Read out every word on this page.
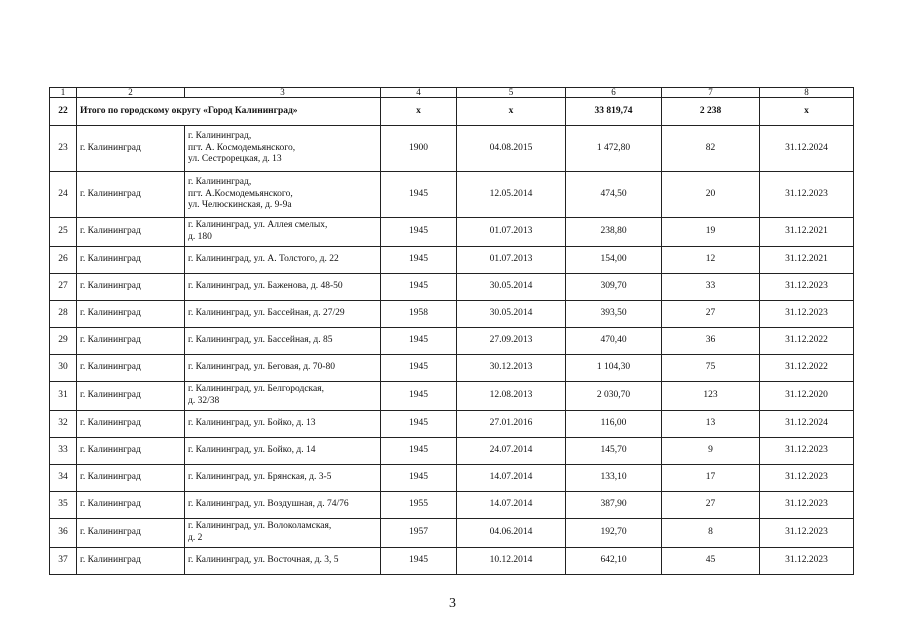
1	2	3	4	5	6	7	8
22	Итого по городскому округу «Город Калининград»		х	х	33 819,74	2 238	х
23	г. Калининград	г. Калининград,
пгт. А. Космодемьянского,
ул. Сестрорецкая, д. 13	1900	04.08.2015	1 472,80	82	31.12.2024
24	г. Калининград	г. Калининград,
пгт. А.Космодемьянского,
ул. Челюскинская, д. 9-9а	1945	12.05.2014	474,50	20	31.12.2023
25	г. Калининград	г. Калининград, ул. Аллея смелых,
д. 180	1945	01.07.2013	238,80	19	31.12.2021
26	г. Калининград	г. Калининград, ул. А. Толстого, д. 22	1945	01.07.2013	154,00	12	31.12.2021
27	г. Калининград	г. Калининград, ул. Баженова, д. 48-50	1945	30.05.2014	309,70	33	31.12.2023
28	г. Калининград	г. Калининград, ул. Бассейная, д. 27/29	1958	30.05.2014	393,50	27	31.12.2023
29	г. Калининград	г. Калининград, ул. Бассейная, д. 85	1945	27.09.2013	470,40	36	31.12.2022
30	г. Калининград	г. Калининград, ул. Беговая, д. 70-80	1945	30.12.2013	1 104,30	75	31.12.2022
31	г. Калининград	г. Калининград, ул. Белгородская,
д. 32/38	1945	12.08.2013	2 030,70	123	31.12.2020
32	г. Калининград	г. Калининград, ул. Бойко, д. 13	1945	27.01.2016	116,00	13	31.12.2024
33	г. Калининград	г. Калининград, ул. Бойко, д. 14	1945	24.07.2014	145,70	9	31.12.2023
34	г. Калининград	г. Калининград, ул. Брянская, д. 3-5	1945	14.07.2014	133,10	17	31.12.2023
35	г. Калининград	г. Калининград, ул. Воздушная, д. 74/76	1955	14.07.2014	387,90	27	31.12.2023
36	г. Калининград	г. Калининград, ул. Волоколамская,
д. 2	1957	04.06.2014	192,70	8	31.12.2023
37	г. Калининград	г. Калининград, ул. Восточная, д. 3, 5	1945	10.12.2014	642,10	45	31.12.2023
3
